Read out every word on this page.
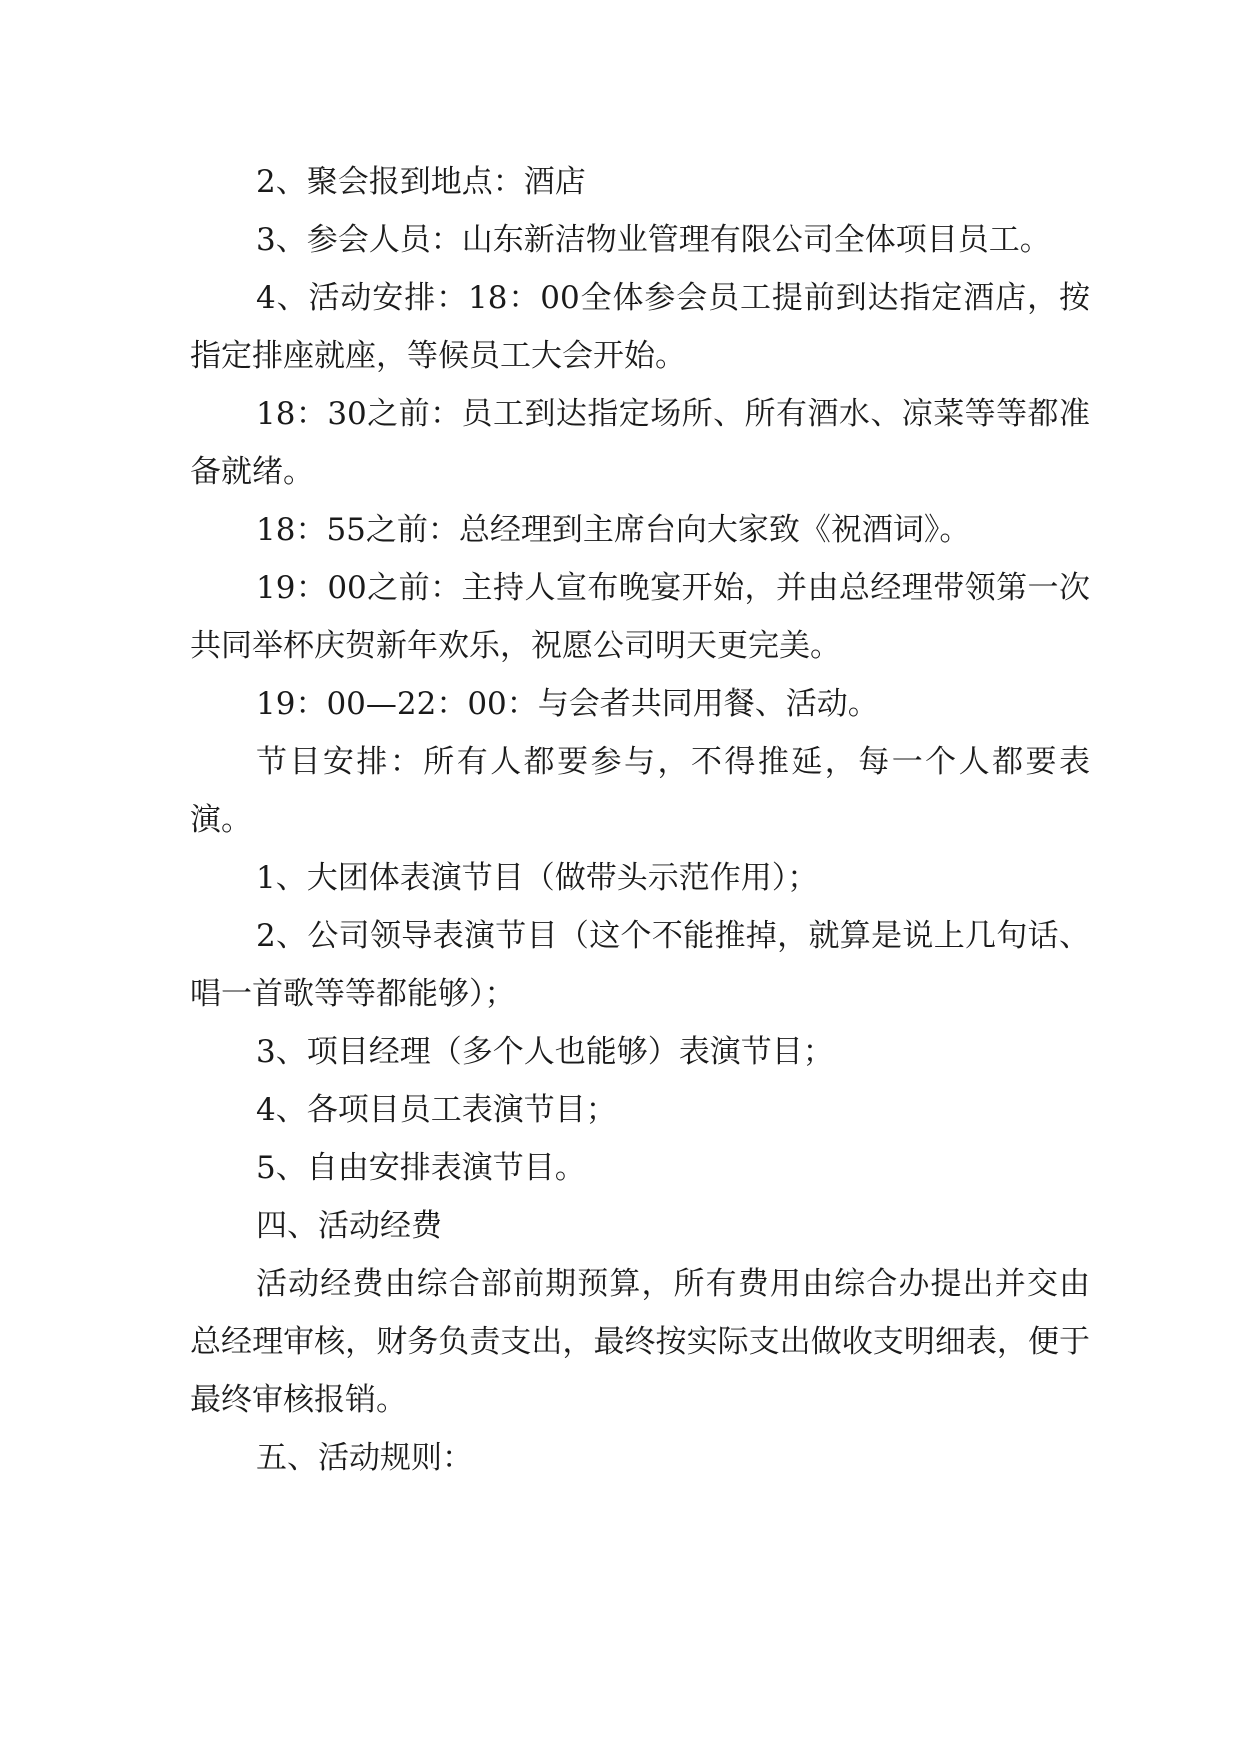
2、聚会报到地点：酒店

3、参会人员：山东新洁物业管理有限公司全体项目员工。

4、活动安排：18：00全体参会员工提前到达指定酒店，按指定排座就座，等候员工大会开始。

18：30之前：员工到达指定场所、所有酒水、凉菜等等都准备就绪。

18：55之前：总经理到主席台向大家致《祝酒词》。

19：00之前：主持人宣布晚宴开始，并由总经理带领第一次共同举杯庆贺新年欢乐，祝愿公司明天更完美。

19：00—22：00：与会者共同用餐、活动。

节目安排：所有人都要参与，不得推延，每一个人都要表演。

1、大团体表演节目（做带头示范作用）；

2、公司领导表演节目（这个不能推掉，就算是说上几句话、唱一首歌等等都能够）；

3、项目经理（多个人也能够）表演节目；

4、各项目员工表演节目；

5、自由安排表演节目。

四、活动经费

活动经费由综合部前期预算，所有费用由综合办提出并交由总经理审核，财务负责支出，最终按实际支出做收支明细表，便于最终审核报销。

五、活动规则：
